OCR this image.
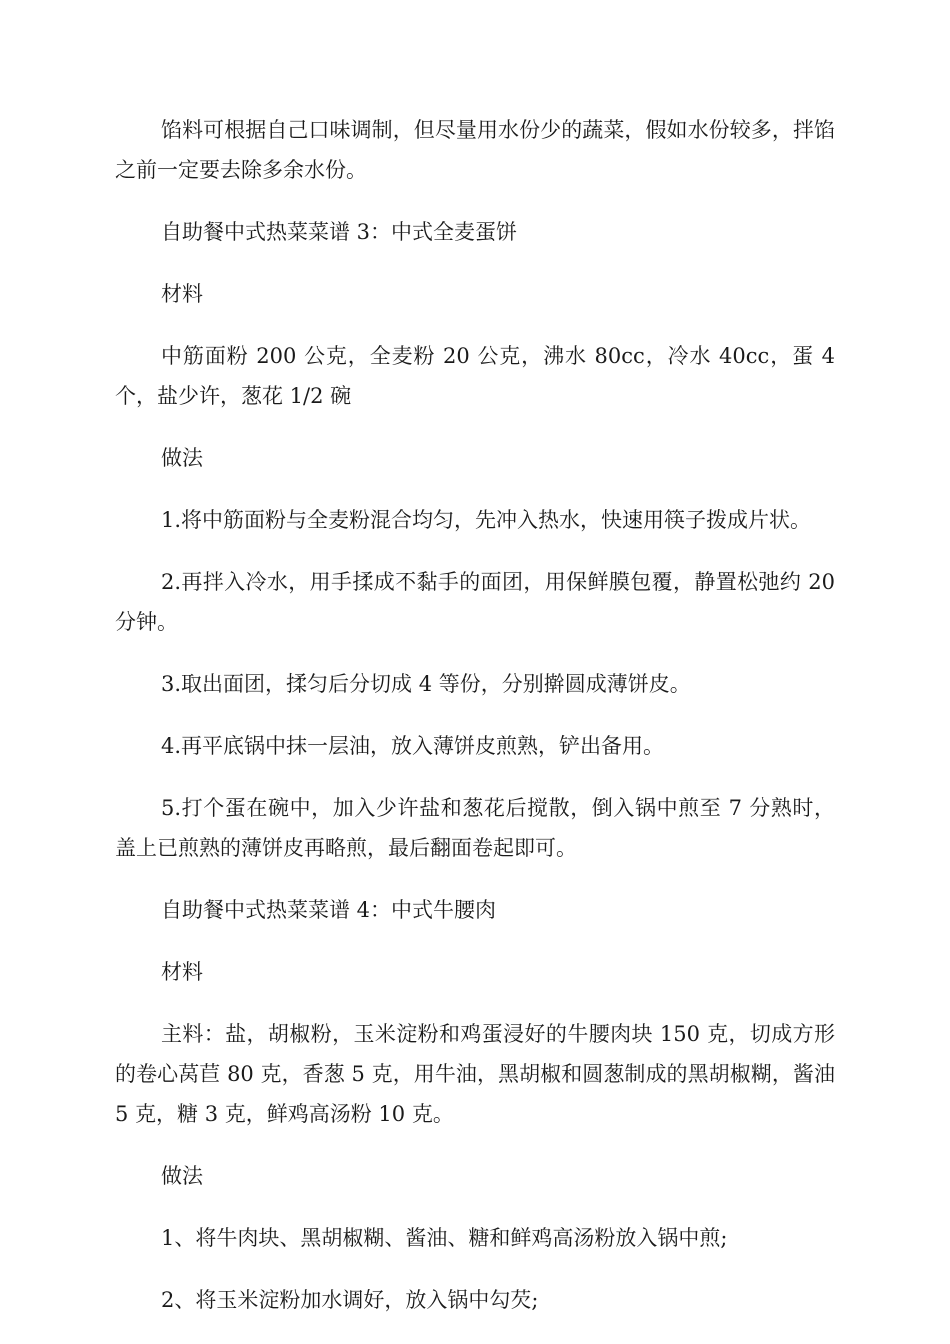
馅料可根据自己口味调制，但尽量用水份少的蔬菜，假如水份较多，拌馅之前一定要去除多余水份。

自助餐中式热菜菜谱 3：中式全麦蛋饼

材料

中筋面粉 200 公克，全麦粉 20 公克，沸水 80cc，冷水 40cc，蛋 4 个，盐少许，葱花 1/2 碗

做法

1.将中筋面粉与全麦粉混合均匀，先冲入热水，快速用筷子拨成片状。

2.再拌入冷水，用手揉成不黏手的面团，用保鲜膜包覆，静置松弛约 20 分钟。

3.取出面团，揉匀后分切成 4 等份，分别擀圆成薄饼皮。

4.再平底锅中抹一层油，放入薄饼皮煎熟，铲出备用。

5.打个蛋在碗中，加入少许盐和葱花后搅散，倒入锅中煎至 7 分熟时，盖上已煎熟的薄饼皮再略煎，最后翻面卷起即可。

自助餐中式热菜菜谱 4：中式牛腰肉

材料

主料：盐，胡椒粉，玉米淀粉和鸡蛋浸好的牛腰肉块 150 克，切成方形的卷心莴苣 80 克，香葱 5 克，用牛油，黑胡椒和圆葱制成的黑胡椒糊，酱油 5 克，糖 3 克，鲜鸡高汤粉 10 克。

做法

1、将牛肉块、黑胡椒糊、酱油、糖和鲜鸡高汤粉放入锅中煎;

2、将玉米淀粉加水调好，放入锅中勾芡;
